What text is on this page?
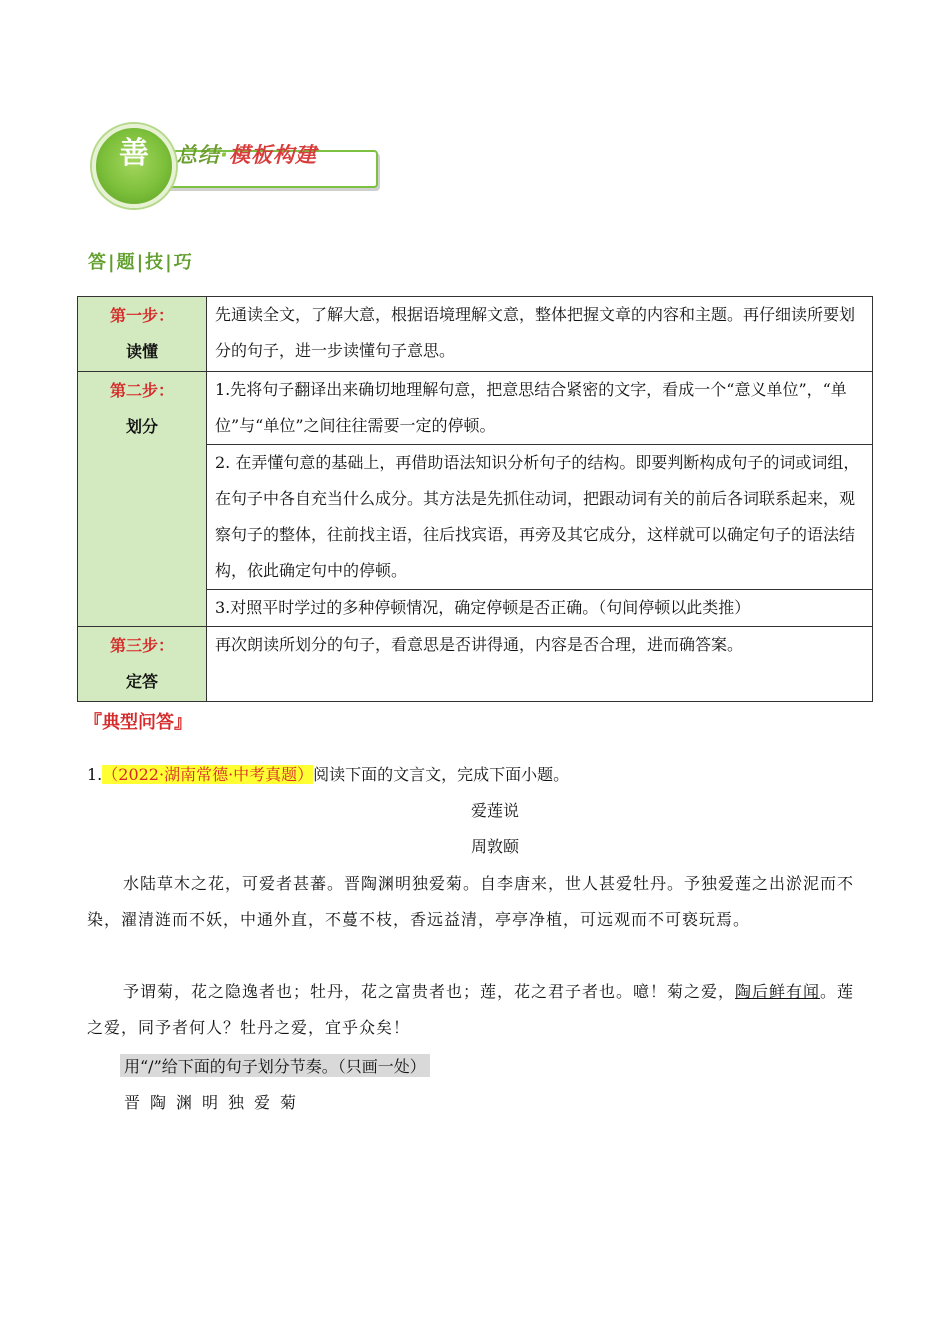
总结·模板构建
善
答|题|技|巧
第一步：
读懂	先通读全文，了解大意，根据语境理解文意，整体把握文章的内容和主题。再仔细读所要划分的句子，进一步读懂句子意思。

第二步：
划分	1.先将句子翻译出来确切地理解句意，把意思结合紧密的文字，看成一个“意义单位”，“单位”与“单位”之间往往需要一定的停顿。
	2. 在弄懂句意的基础上，再借助语法知识分析句子的结构。即要判断构成句子的词或词组，在句子中各自充当什么成分。其方法是先抓住动词，把跟动词有关的前后各词联系起来，观察句子的整体，往前找主语，往后找宾语，再旁及其它成分，这样就可以确定句子的语法结构，依此确定句中的停顿。
	3.对照平时学过的多种停顿情况，确定停顿是否正确。（句间停顿以此类推）

第三步：
定答	再次朗读所划分的句子，看意思是否讲得通，内容是否合理，进而确答案。
『典型问答』
1.（2022·湖南常德·中考真题）阅读下面的文言文，完成下面小题。
爱莲说
周敦颐
水陆草木之花，可爱者甚蕃。晋陶渊明独爱菊。自李唐来，世人甚爱牡丹。予独爱莲之出淤泥而不染，濯清涟而不妖，中通外直，不蔓不枝，香远益清，亭亭净植，可远观而不可亵玩焉。
予谓菊，花之隐逸者也；牡丹，花之富贵者也；莲，花之君子者也。噫！菊之爱，陶后鲜有闻。莲之爱，同予者何人？牡丹之爱，宜乎众矣！
用“/”给下面的句子划分节奏。（只画一处）
晋陶渊明独爱菊
